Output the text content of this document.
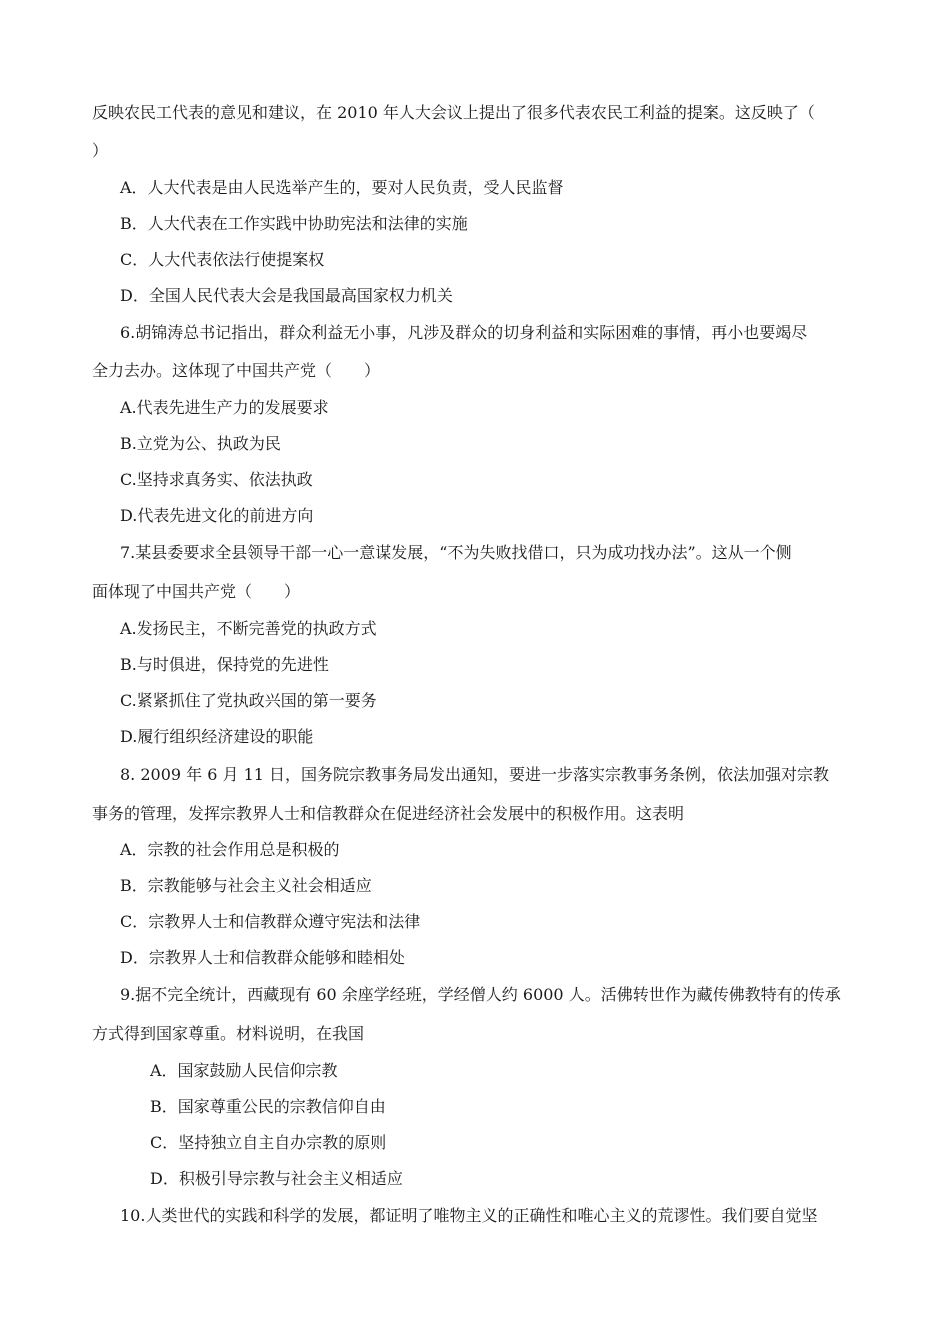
反映农民工代表的意见和建议，在 2010 年人大会议上提出了很多代表农民工利益的提案。这反映了（
）
A．人大代表是由人民选举产生的，要对人民负责，受人民监督
B．人大代表在工作实践中协助宪法和法律的实施
C．人大代表依法行使提案权
D．全国人民代表大会是我国最高国家权力机关
6.胡锦涛总书记指出，群众利益无小事，凡涉及群众的切身利益和实际困难的事情，再小也要竭尽
全力去办。这体现了中国共产党（　　）
A.代表先进生产力的发展要求
B.立党为公、执政为民
C.坚持求真务实、依法执政
D.代表先进文化的前进方向
7.某县委要求全县领导干部一心一意谋发展，“不为失败找借口，只为成功找办法”。这从一个侧
面体现了中国共产党（　　）
A.发扬民主，不断完善党的执政方式
B.与时俱进，保持党的先进性
C.紧紧抓住了党执政兴国的第一要务
D.履行组织经济建设的职能
8. 2009 年 6 月 11 日，国务院宗教事务局发出通知，要进一步落实宗教事务条例，依法加强对宗教
事务的管理，发挥宗教界人士和信教群众在促进经济社会发展中的积极作用。这表明
A．宗教的社会作用总是积极的
B．宗教能够与社会主义社会相适应
C．宗教界人士和信教群众遵守宪法和法律
D．宗教界人士和信教群众能够和睦相处
9.据不完全统计，西藏现有 60 余座学经班，学经僧人约 6000 人。活佛转世作为藏传佛教特有的传承
方式得到国家尊重。材料说明，在我国
A．国家鼓励人民信仰宗教
B．国家尊重公民的宗教信仰自由
C．坚持独立自主自办宗教的原则
D．积极引导宗教与社会主义相适应
10.人类世代的实践和科学的发展，都证明了唯物主义的正确性和唯心主义的荒谬性。我们要自觉坚
